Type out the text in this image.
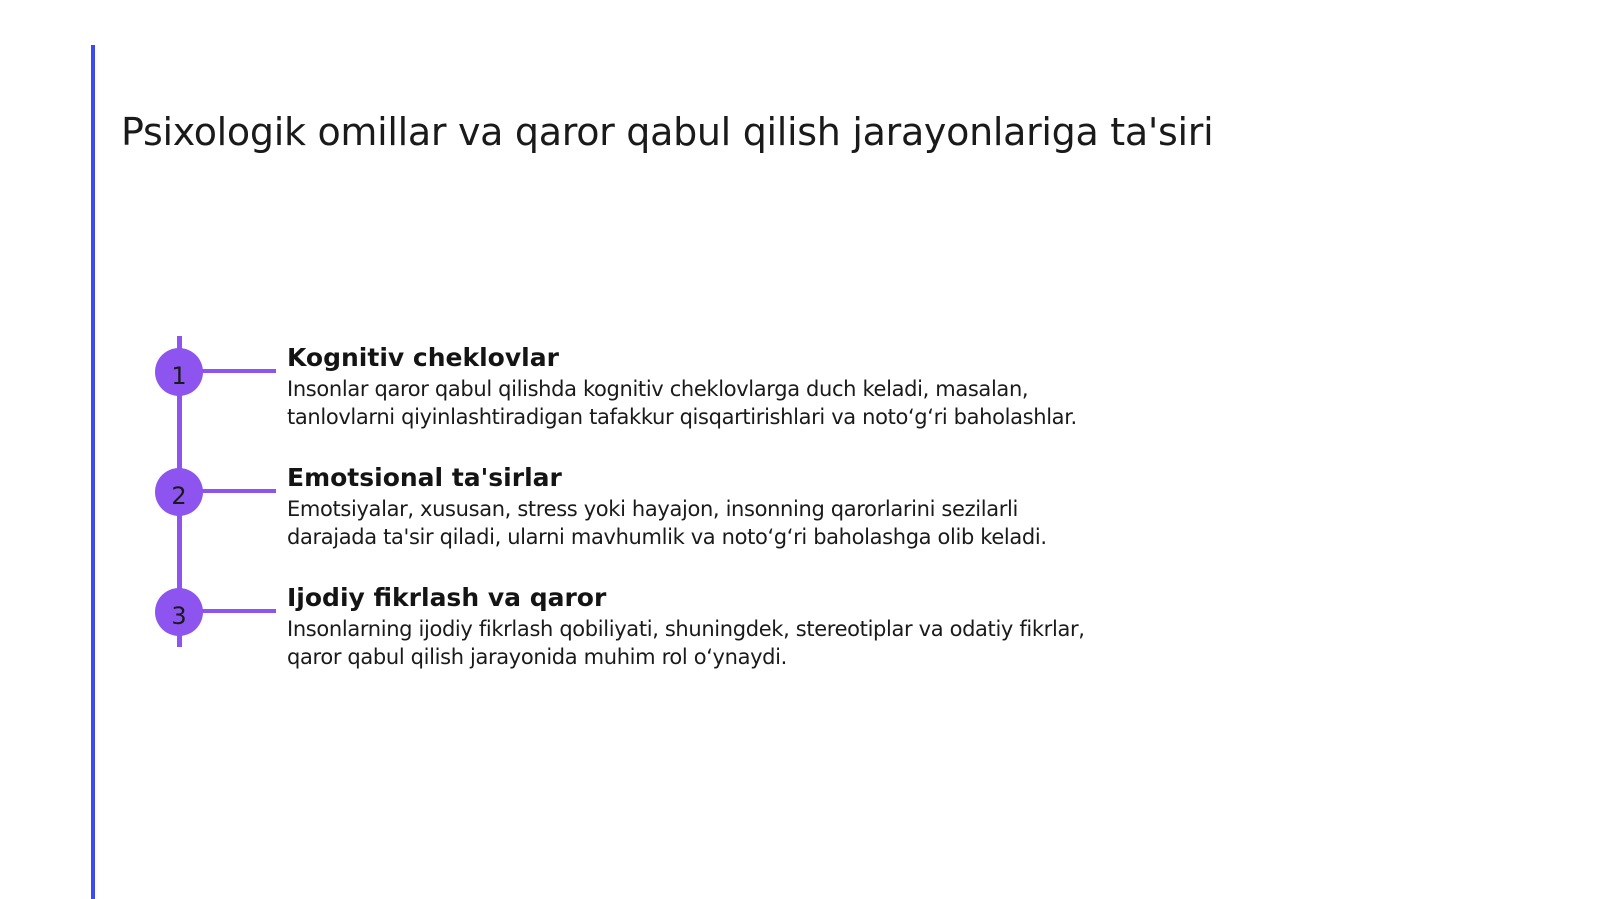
Psixologik omillar va qaror qabul qilish jarayonlariga ta'siri
1
Kognitiv cheklovlar

Insonlar qaror qabul qilishda kognitiv cheklovlarga duch keladi, masalan, tanlovlarni qiyinlashtiradigan tafakkur qisqartirishlari va noto‘g‘ri baholashlar.

2
Emotsional ta'sirlar

Emotsiyalar, xususan, stress yoki hayajon, insonning qarorlarini sezilarli darajada ta'sir qiladi, ularni mavhumlik va noto‘g‘ri baholashga olib keladi.

3
Ijodiy fikrlash va qaror

Insonlarning ijodiy fikrlash qobiliyati, shuningdek, stereotiplar va odatiy fikrlar, qaror qabul qilish jarayonida muhim rol o‘ynaydi.
